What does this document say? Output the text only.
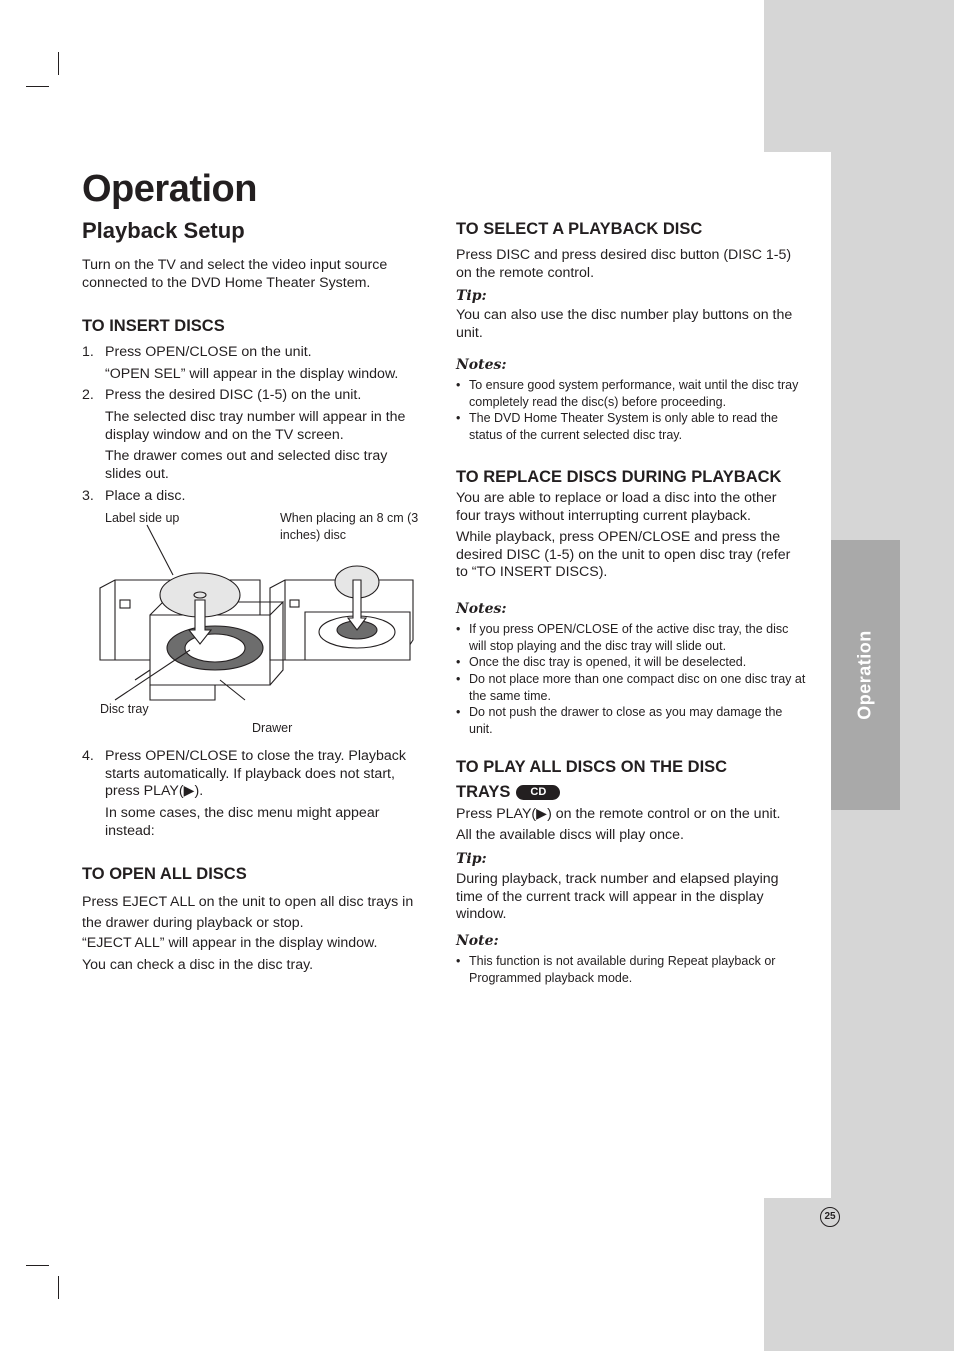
Operation
Operation
Playback Setup

Turn on the TV and select the video input source connected to the DVD Home Theater System.

TO INSERT DISCS

1. Press OPEN/CLOSE on the unit.

“OPEN SEL” will appear in the display window.

2. Press the desired DISC (1-5) on the unit.

The selected disc tray number will appear in the display window and on the TV screen.

The drawer comes out and selected disc tray slides out.

3. Place a disc.

Label side up	When placing an 8 cm (3 inches) disc
Disc tray
Drawer
4. Press OPEN/CLOSE to close the tray. Playback starts automatically. If playback does not start, press PLAY(▶).

In some cases, the disc menu might appear instead:

TO OPEN ALL DISCS

Press EJECT ALL on the unit to open all disc trays in the drawer during playback or stop.

“EJECT ALL” will appear in the display window.

You can check a disc in the disc tray.

TO SELECT A PLAYBACK DISC

Press DISC and press desired disc button (DISC 1-5) on the remote control.

Tip:

You can also use the disc number play buttons on the unit.

Notes:

• To ensure good system performance, wait until the disc tray completely read the disc(s) before proceeding.
• The DVD Home Theater System is only able to read the status of the current selected disc tray.

TO REPLACE DISCS DURING PLAYBACK

You are able to replace or load a disc into the other four trays without interrupting current playback.

While playback, press OPEN/CLOSE and press the desired DISC (1-5) on the unit to open disc tray (refer to “TO INSERT DISCS).

Notes:

• If you press OPEN/CLOSE of the active disc tray, the disc will stop playing and the disc tray will slide out.
• Once the disc tray is opened, it will be deselected.
• Do not place more than one compact disc on one disc tray at the same time.
• Do not push the drawer to close as you may damage the unit.

TO PLAY ALL DISCS ON THE DISC

TRAYS CD

Press PLAY(▶) on the remote control or on the unit.

All the available discs will play once.

Tip:

During playback, track number and elapsed playing time of the current track will appear in the display window.

Note:

• This function is not available during Repeat playback or Programmed playback mode.
25
